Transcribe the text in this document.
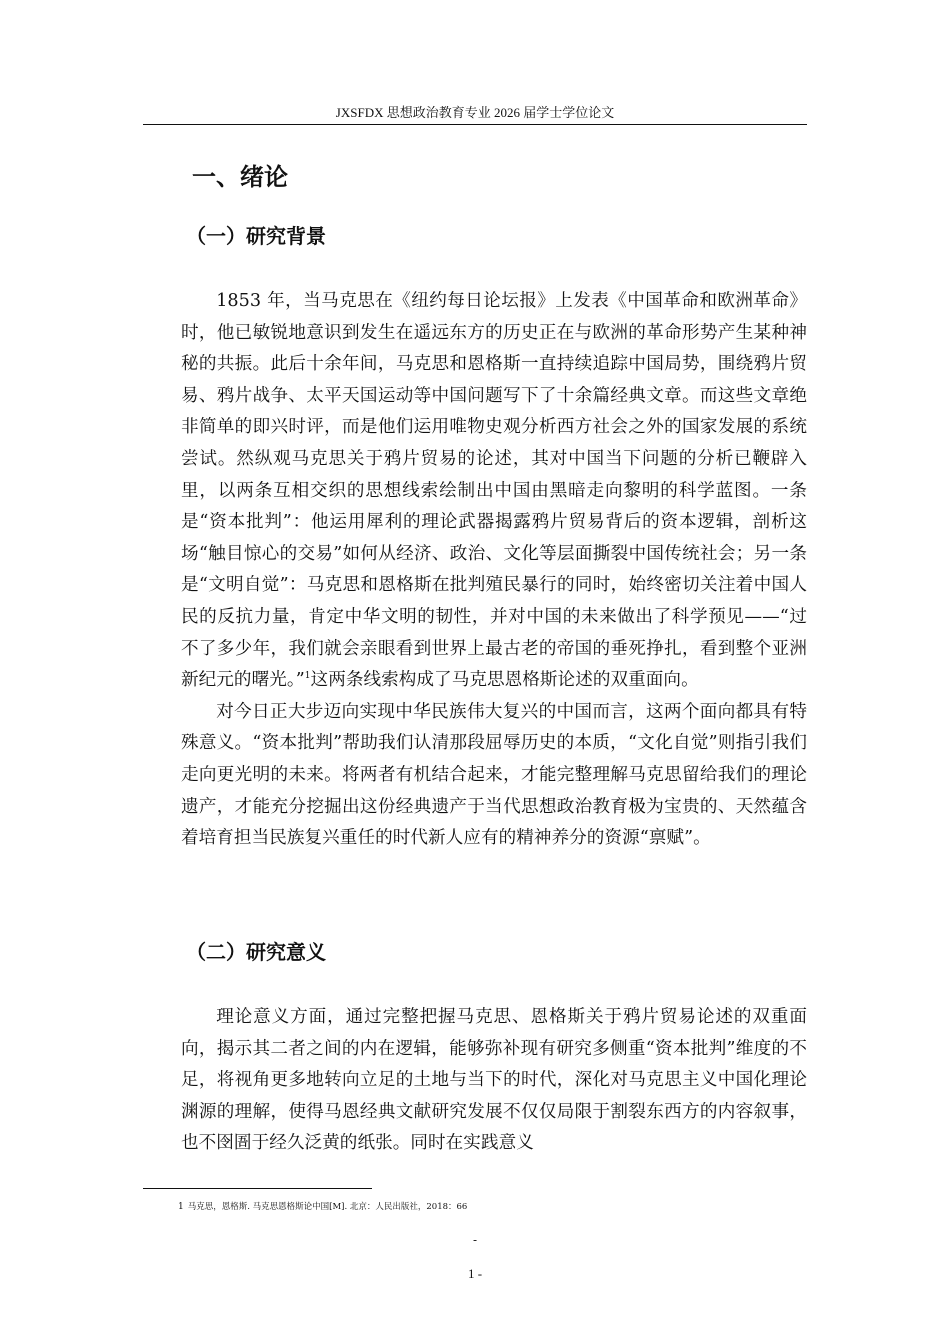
JXSFDX 思想政治教育专业 2026 届学士学位论文
一、绪论
（一）研究背景

1853 年，当马克思在《纽约每日论坛报》上发表《中国革命和欧洲革命》时，他已敏锐地意识到发生在遥远东方的历史正在与欧洲的革命形势产生某种神秘的共振。此后十余年间，马克思和恩格斯一直持续追踪中国局势，围绕鸦片贸易、鸦片战争、太平天国运动等中国问题写下了十余篇经典文章。而这些文章绝非简单的即兴时评，而是他们运用唯物史观分析西方社会之外的国家发展的系统尝试。然纵观马克思关于鸦片贸易的论述，其对中国当下问题的分析已鞭辟入里，以两条互相交织的思想线索绘制出中国由黑暗走向黎明的科学蓝图。一条是“资本批判”：他运用犀利的理论武器揭露鸦片贸易背后的资本逻辑，剖析这场“触目惊心的交易”如何从经济、政治、文化等层面撕裂中国传统社会；另一条是“文明自觉”：马克思和恩格斯在批判殖民暴行的同时，始终密切关注着中国人民的反抗力量，肯定中华文明的韧性，并对中国的未来做出了科学预见——“过不了多少年，我们就会亲眼看到世界上最古老的帝国的垂死挣扎，看到整个亚洲新纪元的曙光。”$^1$这两条线索构成了马克思恩格斯论述的双重面向。

对今日正大步迈向实现中华民族伟大复兴的中国而言，这两个面向都具有特殊意义。“资本批判”帮助我们认清那段屈辱历史的本质，“文化自觉”则指引我们走向更光明的未来。将两者有机结合起来，才能完整理解马克思留给我们的理论遗产，才能充分挖掘出这份经典遗产于当代思想政治教育极为宝贵的、天然蕴含着培育担当民族复兴重任的时代新人应有的精神养分的资源“禀赋”。

（二）研究意义

理论意义方面，通过完整把握马克思、恩格斯关于鸦片贸易论述的双重面向，揭示其二者之间的内在逻辑，能够弥补现有研究多侧重“资本批判”维度的不足，将视角更多地转向立足的土地与当下的时代，深化对马克思主义中国化理论渊源的理解，使得马恩经典文献研究发展不仅仅局限于割裂东西方的内容叙事，也不囹圄于经久泛黄的纸张。同时在实践意义

1 马克思，恩格斯. 马克思恩格斯论中国[M]. 北京：人民出版社，2018：66
-
1 -
